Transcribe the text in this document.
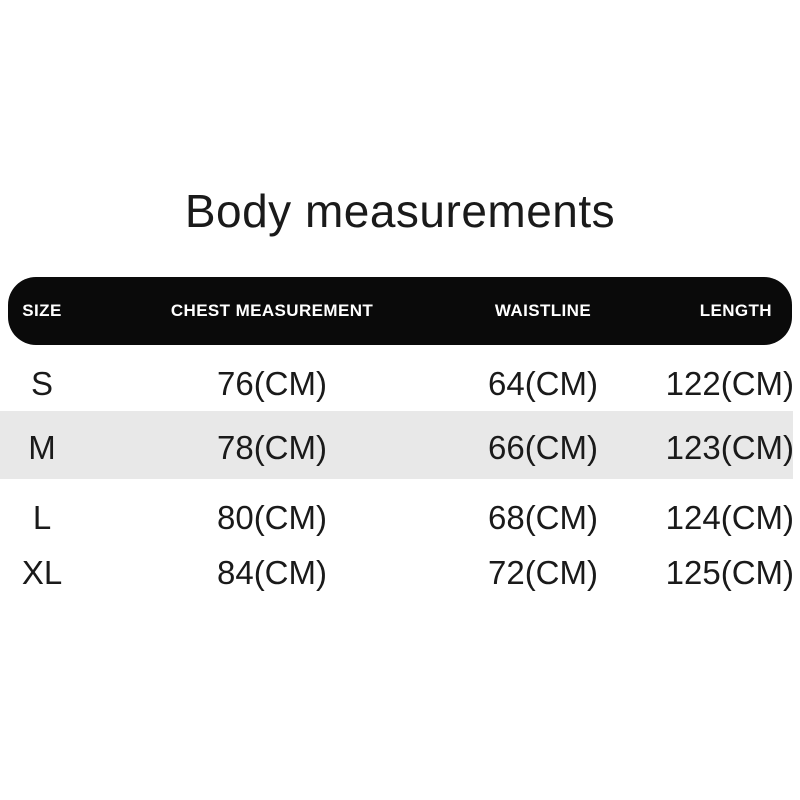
Body measurements
SIZE	CHEST MEASUREMENT	WAISTLINE	LENGTH
S	76(CM)	64(CM)	122(CM)
M	78(CM)	66(CM)	123(CM)
L	80(CM)	68(CM)	124(CM)
XL	84(CM)	72(CM)	125(CM)
